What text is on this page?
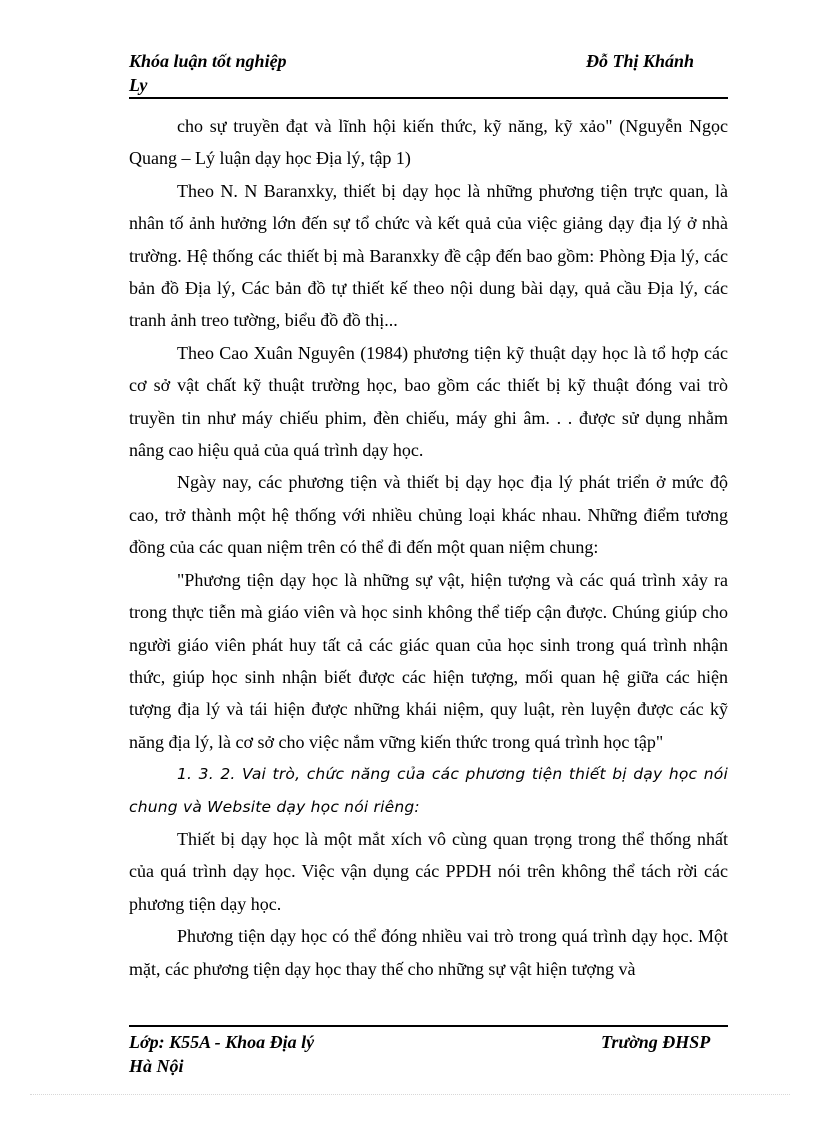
Khóa luận tốt nghiệp	Đỗ Thị Khánh
Ly

cho sự truyền đạt và lĩnh hội kiến thức, kỹ năng, kỹ xảo" (Nguyễn Ngọc Quang – Lý luận dạy học Địa lý, tập 1)

Theo N. N Baranxky, thiết bị dạy học là những phương tiện trực quan, là nhân tố ảnh hưởng lớn đến sự tổ chức và kết quả của việc giảng dạy địa lý ở nhà trường. Hệ thống các thiết bị mà Baranxky đề cập đến bao gồm: Phòng Địa lý, các bản đồ Địa lý, Các bản đồ tự thiết kế theo nội dung bài dạy, quả cầu Địa lý, các tranh ảnh treo tường, biểu đồ đồ thị...

Theo Cao Xuân Nguyên (1984) phương tiện kỹ thuật dạy học là tổ hợp các cơ sở vật chất kỹ thuật trường học, bao gồm các thiết bị kỹ thuật đóng vai trò truyền tin như máy chiếu phim, đèn chiếu, máy ghi âm. . . được sử dụng nhằm nâng cao hiệu quả của quá trình dạy học.

Ngày nay, các phương tiện và thiết bị dạy học địa lý phát triển ở mức độ cao, trở thành một hệ thống với nhiều chủng loại khác nhau. Những điểm tương đồng của các quan niệm trên có thể đi đến một quan niệm chung:

"Phương tiện dạy học là những sự vật, hiện tượng và các quá trình xảy ra trong thực tiễn mà giáo viên và học sinh không thể tiếp cận được. Chúng giúp cho người giáo viên phát huy tất cả các giác quan của học sinh trong quá trình nhận thức, giúp học sinh nhận biết được các hiện tượng, mối quan hệ giữa các hiện tượng địa lý và tái hiện được những khái niệm, quy luật, rèn luyện được các kỹ năng địa lý, là cơ sở cho việc nắm vững kiến thức trong quá trình học tập"

1. 3. 2. Vai trò, chức năng của các phương tiện thiết bị dạy học nói chung và Website dạy học nói riêng:

Thiết bị dạy học là một mắt xích vô cùng quan trọng trong thể thống nhất của quá trình dạy học. Việc vận dụng các PPDH nói trên không thể tách rời các phương tiện dạy học.

Phương tiện dạy học có thể đóng nhiều vai trò trong quá trình dạy học. Một mặt, các phương tiện dạy học thay thế cho những sự vật hiện tượng và

Lớp: K55A - Khoa Địa lý	Trường ĐHSP
Hà Nội
